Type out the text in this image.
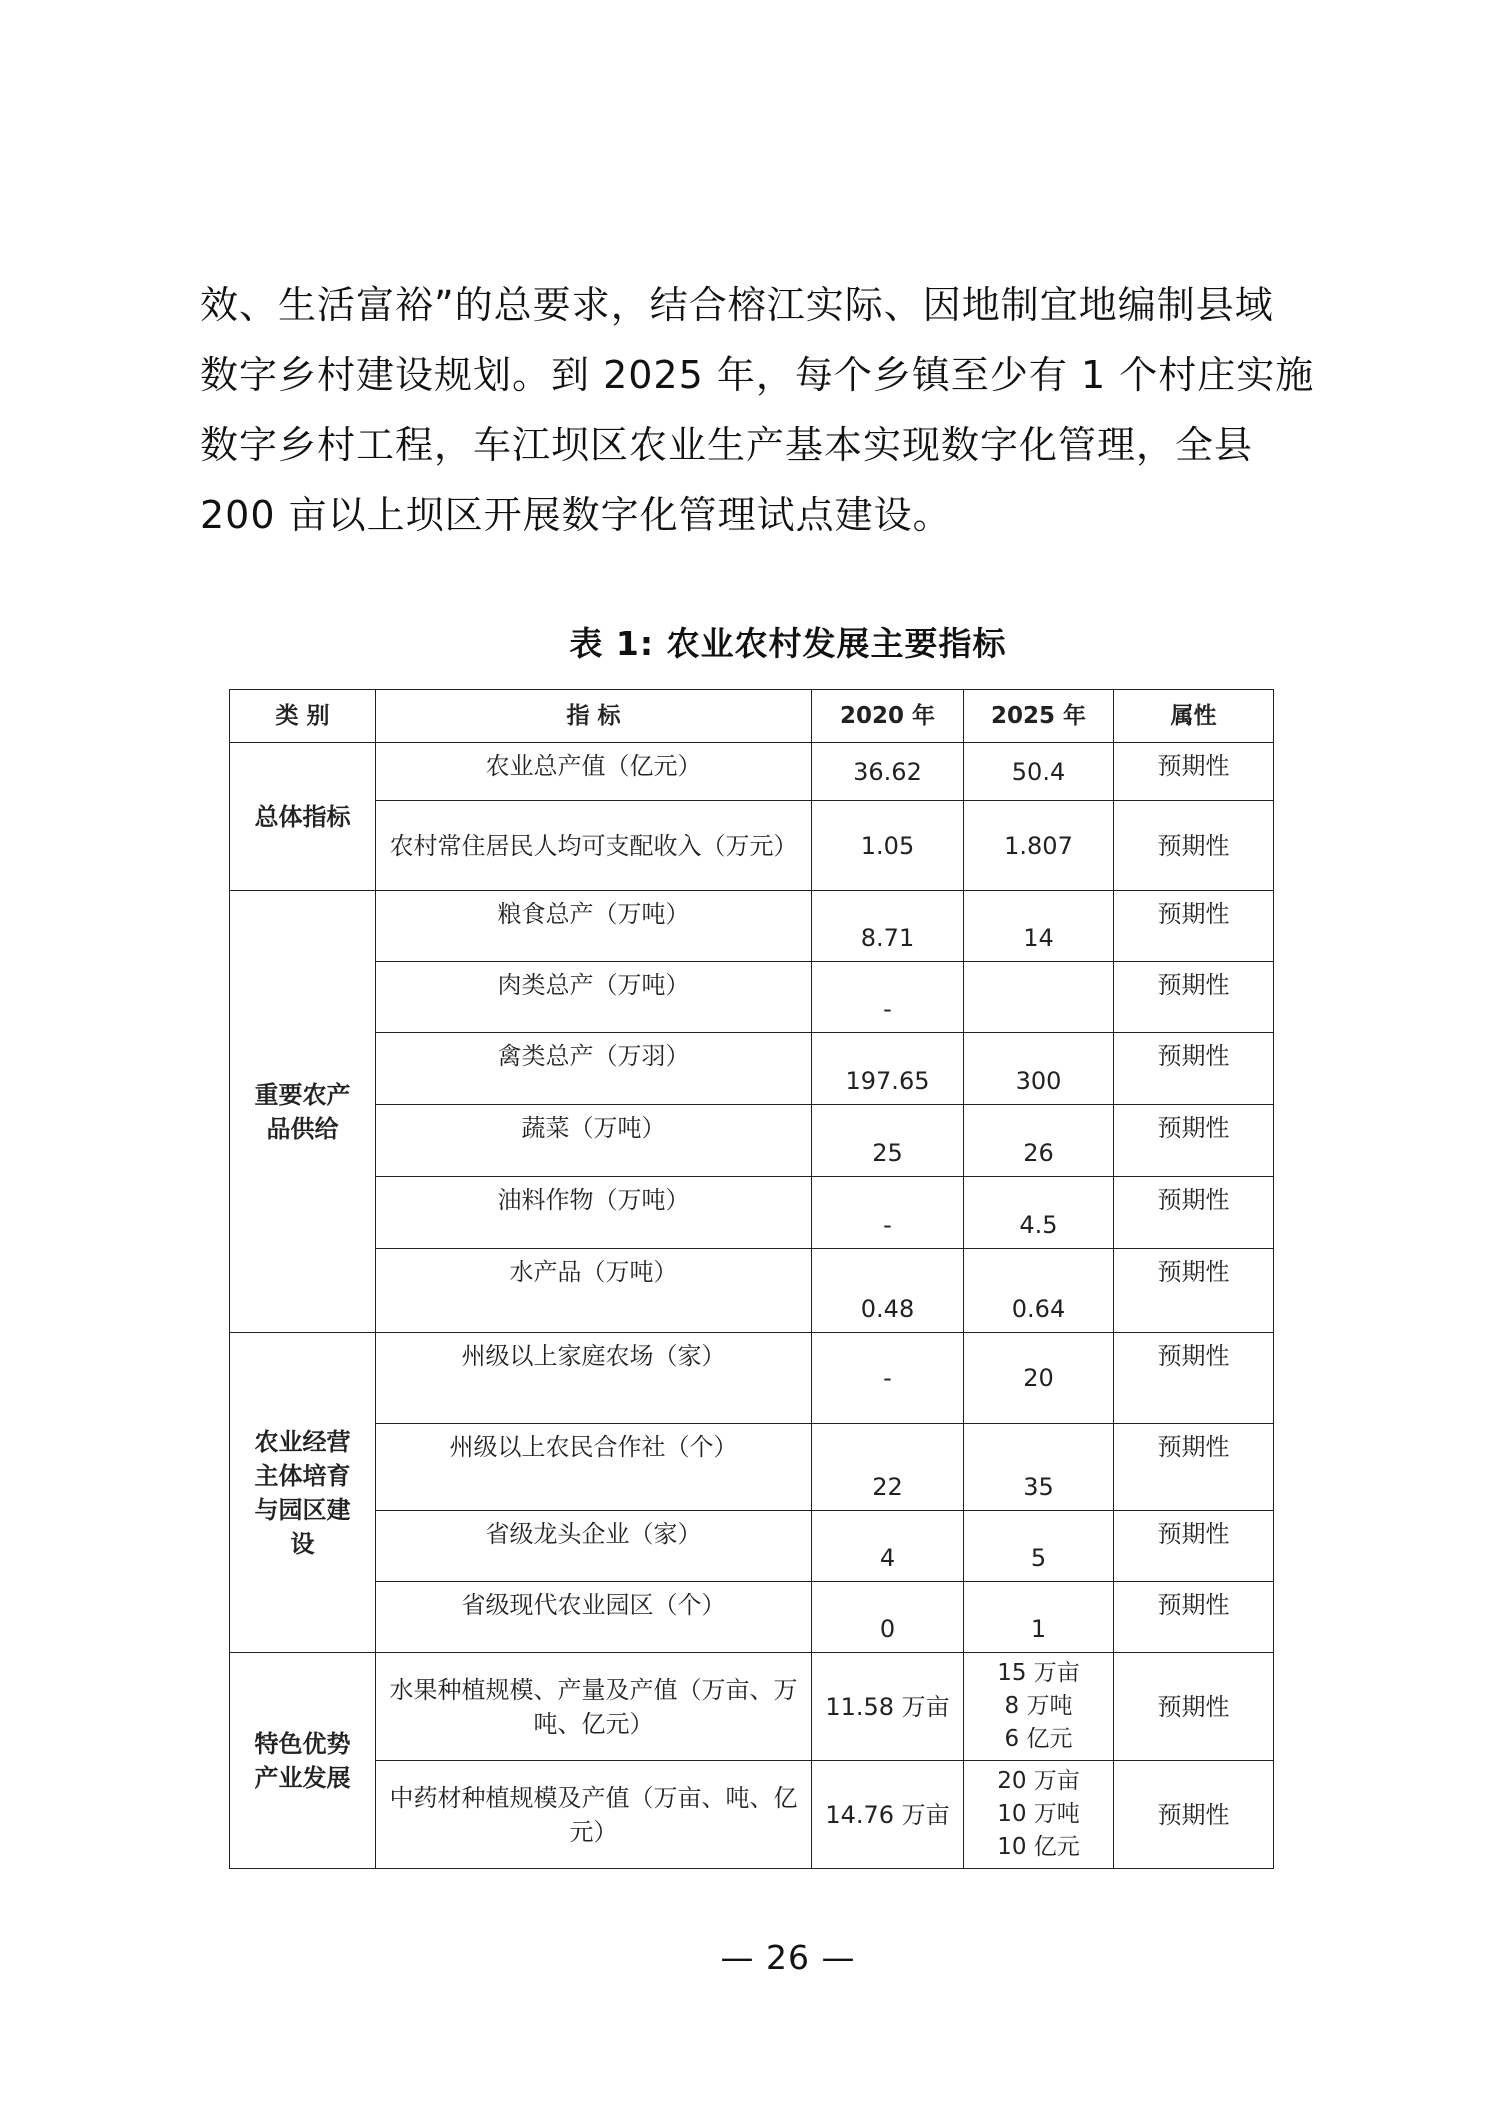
效、生活富裕”的总要求，结合榕江实际、因地制宜地编制县域

数字乡村建设规划。到 2025 年，每个乡镇至少有 1 个村庄实施

数字乡村工程，车江坝区农业生产基本实现数字化管理，全县

200 亩以上坝区开展数字化管理试点建设。

表 1: 农业农村发展主要指标
类 别	指 标	2020 年	2025 年	属性
总体指标	农业总产值（亿元）	36.62	50.4	预期性
	农村常住居民人均可支配收入（万元）	1.05	1.807	预期性
重要农产品供给	粮食总产（万吨）	8.71	14	预期性
	肉类总产（万吨）	-		预期性
	禽类总产（万羽）	197.65	300	预期性
	蔬菜（万吨）	25	26	预期性
	油料作物（万吨）	-	4.5	预期性
	水产品（万吨）	0.48	0.64	预期性
农业经营主体培育与园区建设	州级以上家庭农场（家）	-	20	预期性
	州级以上农民合作社（个）	22	35	预期性
	省级龙头企业（家）	4	5	预期性
	省级现代农业园区（个）	0	1	预期性
特色优势产业发展	水果种植规模、产量及产值（万亩、万吨、亿元）	11.58 万亩	15 万亩
8 万吨
6 亿元	预期性
	中药材种植规模及产值（万亩、吨、亿元）	14.76 万亩	20 万亩
10 万吨
10 亿元	预期性
— 26 —
